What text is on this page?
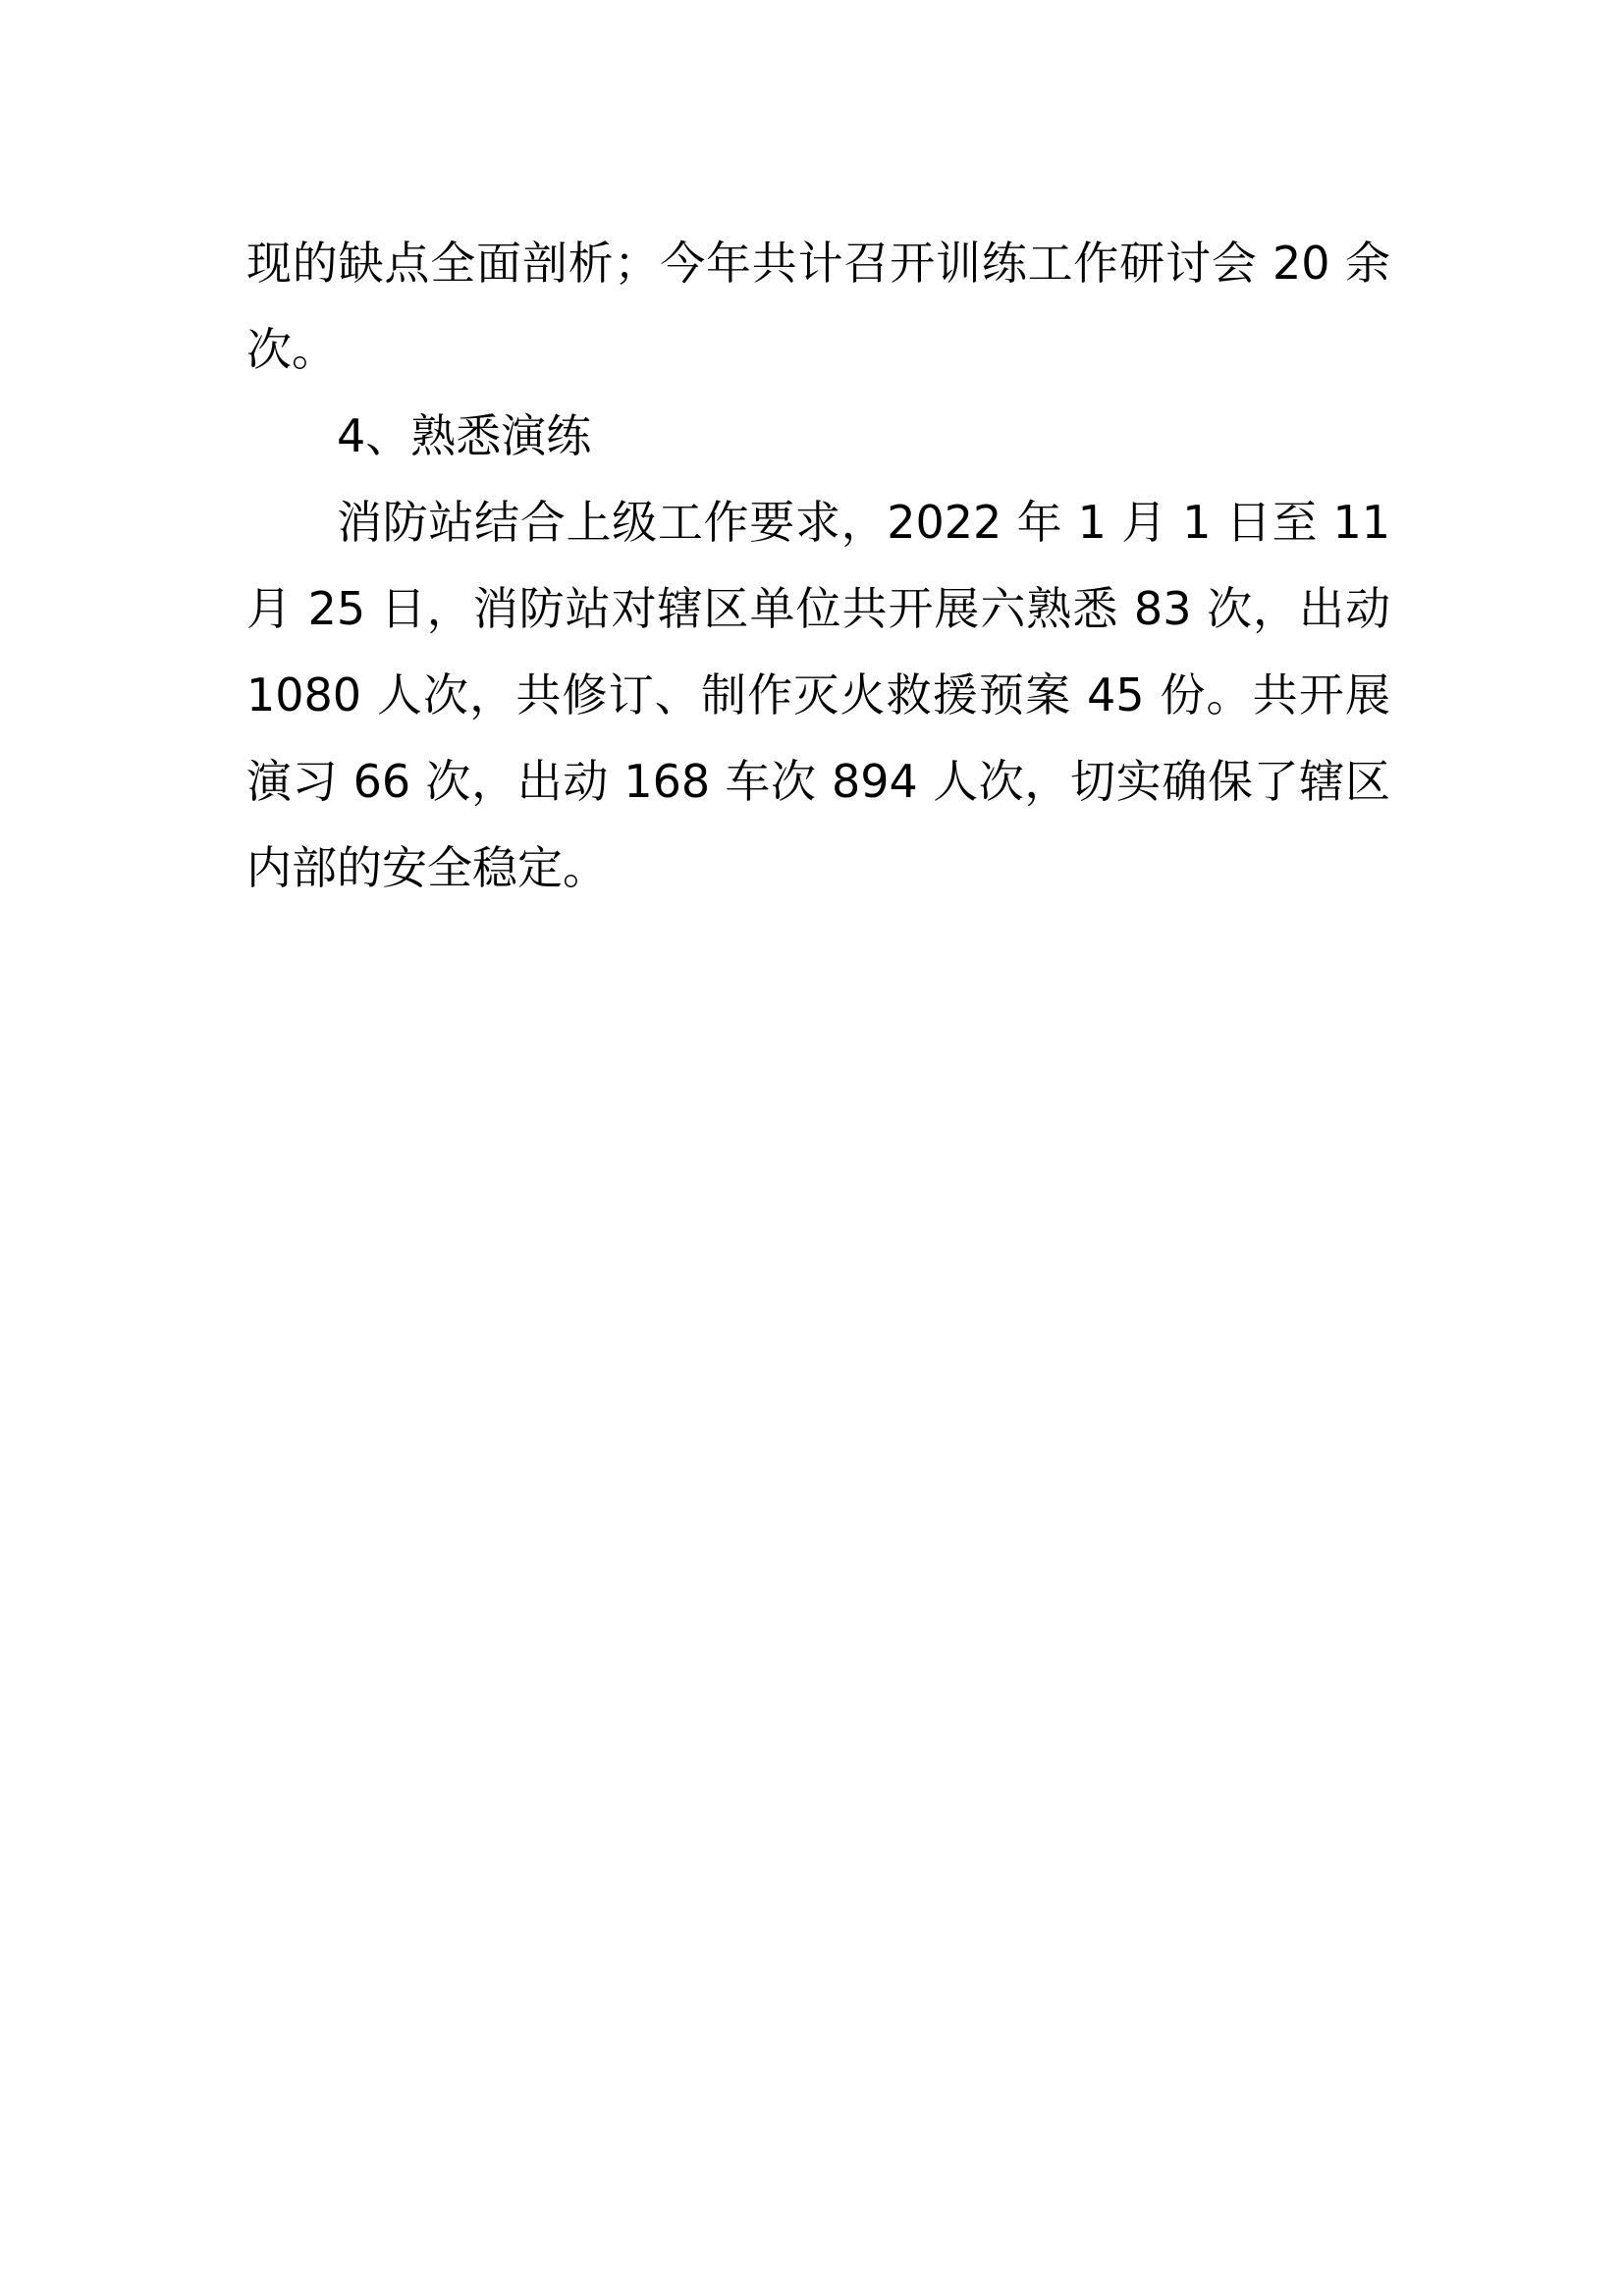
现的缺点全面剖析；今年共计召开训练工作研讨会 20 余次。

4、熟悉演练

消防站结合上级工作要求，2022 年 1 月 1 日至 11 月 25 日，消防站对辖区单位共开展六熟悉 83 次，出动 1080 人次，共修订、制作灭火救援预案 45 份。共开展演习 66 次，出动 168 车次 894 人次，切实确保了辖区内部的安全稳定。
